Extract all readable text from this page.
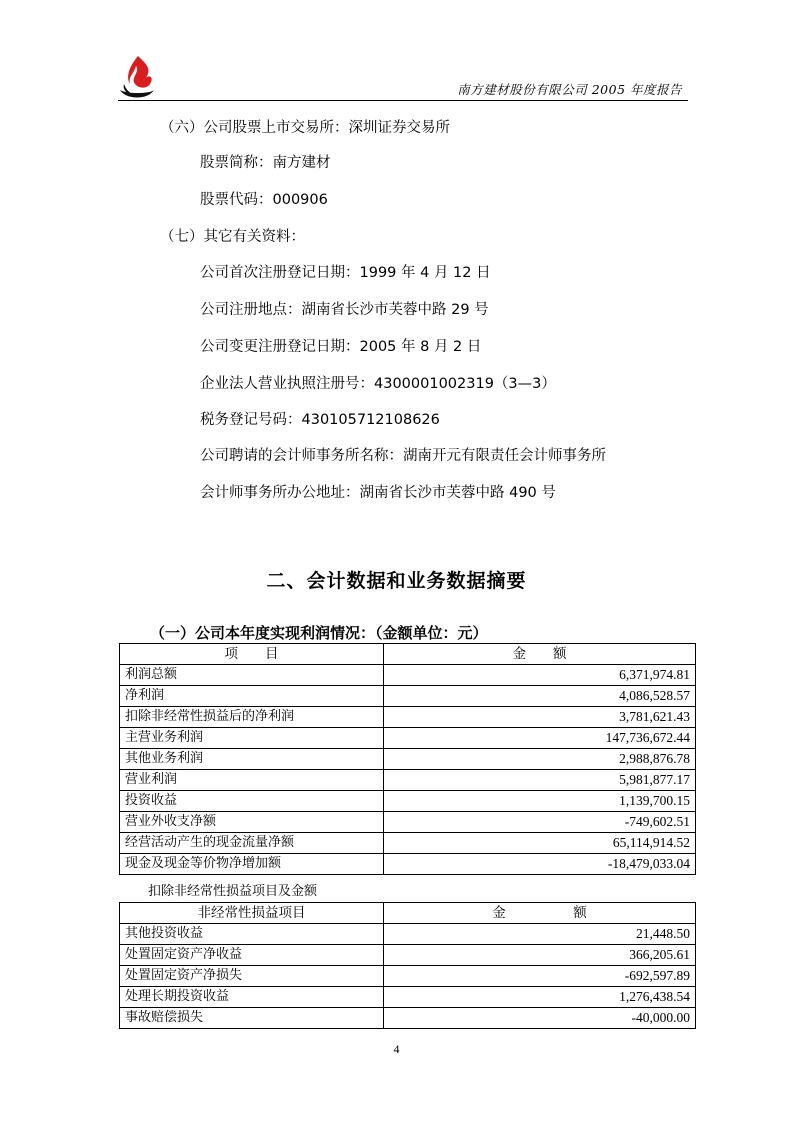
南方建材股份有限公司 2005 年度报告
（六）公司股票上市交易所：深圳证券交易所
股票简称：南方建材
股票代码：000906
（七）其它有关资料：
公司首次注册登记日期：1999 年 4 月 12 日
公司注册地点：湖南省长沙市芙蓉中路 29 号
公司变更注册登记日期：2005 年 8 月 2 日
企业法人营业执照注册号：4300001002319（3—3）
税务登记号码：430105712108626
公司聘请的会计师事务所名称：湖南开元有限责任会计师事务所
会计师事务所办公地址：湖南省长沙市芙蓉中路 490 号
二、会计数据和业务数据摘要
（一）公司本年度实现利润情况：（金额单位：元）
项　　目	金　　额
利润总额	6,371,974.81
净利润	4,086,528.57
扣除非经常性损益后的净利润	3,781,621.43
主营业务利润	147,736,672.44
其他业务利润	2,988,876.78
营业利润	5,981,877.17
投资收益	1,139,700.15
营业外收支净额	-749,602.51
经营活动产生的现金流量净额	65,114,914.52
现金及现金等价物净增加额	-18,479,033.04
扣除非经常性损益项目及金额
非经常性损益项目	金　　　　　额
其他投资收益	21,448.50
处置固定资产净收益	366,205.61
处置固定资产净损失	-692,597.89
处理长期投资收益	1,276,438.54
事故赔偿损失	-40,000.00
4
